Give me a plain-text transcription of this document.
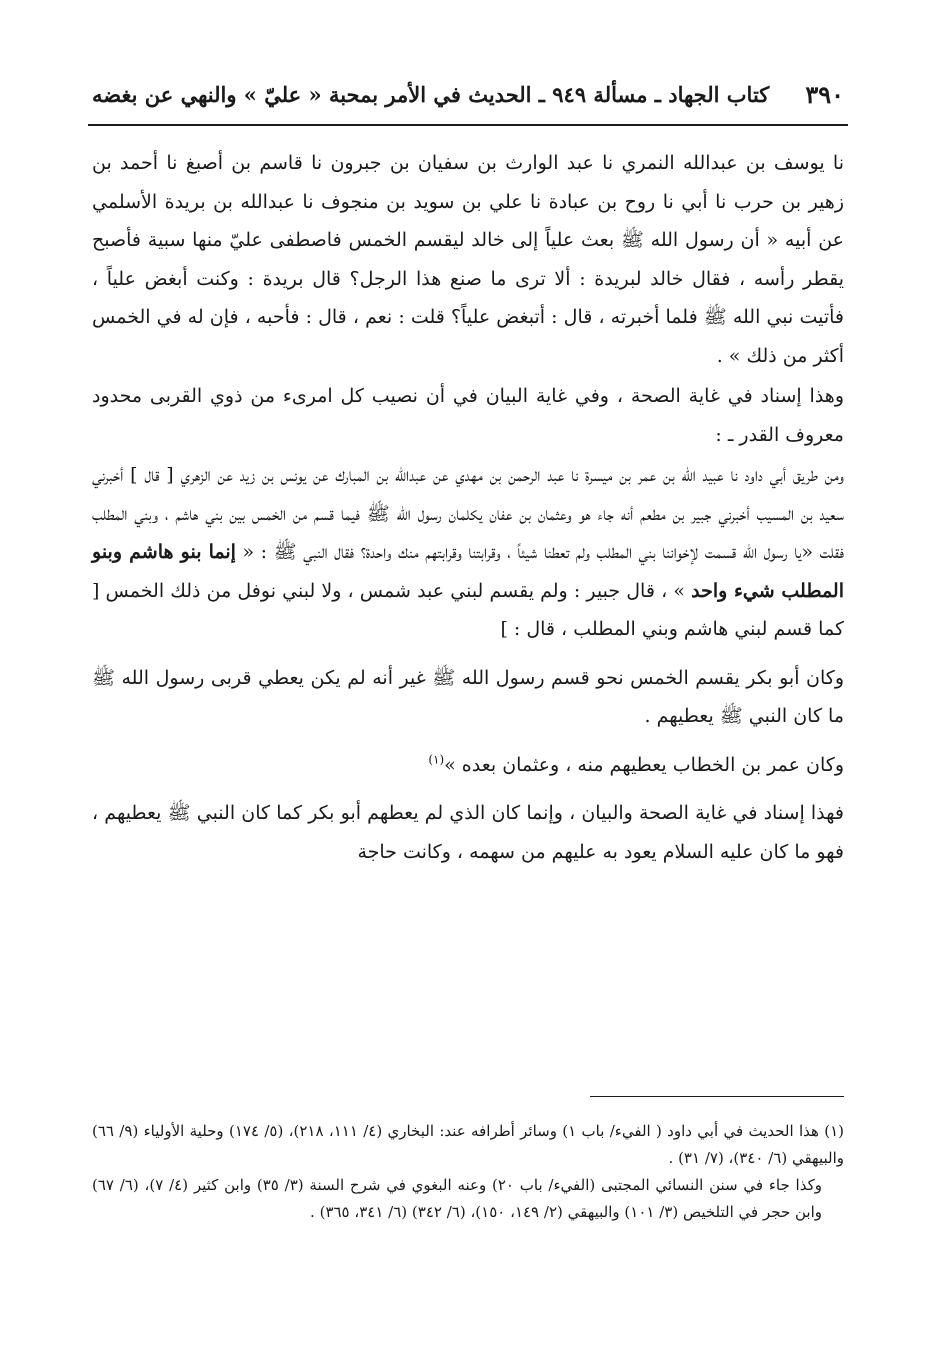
٣٩٠
كتاب الجهاد ـ مسألة ٩٤٩ ـ الحديث في الأمر بمحبة « عليّ » والنهي عن بغضه

نا يوسف بن عبدالله النمري نا عبد الوارث بن سفيان بن جبرون نا قاسم بن أصبغ نا أحمد بن زهير بن حرب نا أبي نا روح بن عبادة نا علي بن سويد بن منجوف نا عبدالله بن بريدة الأسلمي عن أبيه « أن رسول الله ﷺ بعث علياً إلى خالد ليقسم الخمس فاصطفى عليّ منها سبية فأصبح يقطر رأسه ، فقال خالد لبريدة : ألا ترى ما صنع هذا الرجل؟ قال بريدة : وكنت أبغض علياً ، فأتيت نبي الله ﷺ فلما أخبرته ، قال : أتبغض علياً؟ قلت : نعم ، قال : فأحبه ، فإن له في الخمس أكثر من ذلك » .

وهذا إسناد في غاية الصحة ، وفي غاية البيان في أن نصيب كل امرىء من ذوي القربى محدود معروف القدر ـ :

ومن طريق أبي داود نا عبيد الله بن عمر بن ميسرة نا عبد الرحمن بن مهدي عن عبدالله بن المبارك عن يونس بن زيد عن الزهري [ قال ] أخبرني سعيد بن المسيب أخبرني جبير بن مطعم أنه جاء هو وعثمان بن عفان يكلمان رسول الله ﷺ فيما قسم من الخمس بين بني هاشم ، وبني المطلب فقلت «يا رسول الله قسمت لإخواننا بني المطلب ولم تعطنا شيئاً ، وقرابتنا وقرابتهم منك واحدة؟ فقال النبي ﷺ : « إنما بنو هاشم وبنو المطلب شيء واحد » ، قال جبير : ولم يقسم لبني عبد شمس ، ولا لبني نوفل من ذلك الخمس [ كما قسم لبني هاشم وبني المطلب ، قال : ]

وكان أبو بكر يقسم الخمس نحو قسم رسول الله ﷺ غير أنه لم يكن يعطي قربى رسول الله ﷺ ما كان النبي ﷺ يعطيهم .

وكان عمر بن الخطاب يعطيهم منه ، وعثمان بعده »$^{(١)}$

فهذا إسناد في غاية الصحة والبيان ، وإنما كان الذي لم يعطهم أبو بكر كما كان النبي ﷺ يعطيهم ، فهو ما كان عليه السلام يعود به عليهم من سهمه ، وكانت حاجة

(١) هذا الحديث في أبي داود ( الفيء/ باب ١) وسائر أطرافه عند: البخاري (٤/ ١١١، ٢١٨)، (٥/ ١٧٤) وحلية الأولياء (٩/ ٦٦) والبيهقي (٦/ ٣٤٠)، (٧/ ٣١) .

وكذا جاء في سنن النسائي المجتبى (الفيء/ باب ٢٠) وعنه البغوي في شرح السنة (٣/ ٣٥) وابن كثير (٤/ ٧)، (٦/ ٦٧) وابن حجر في التلخيص (٣/ ١٠١) والبيهقي (٢/ ١٤٩، ١٥٠)، (٦/ ٣٤٢) (٦/ ٣٤١، ٣٦٥) .
